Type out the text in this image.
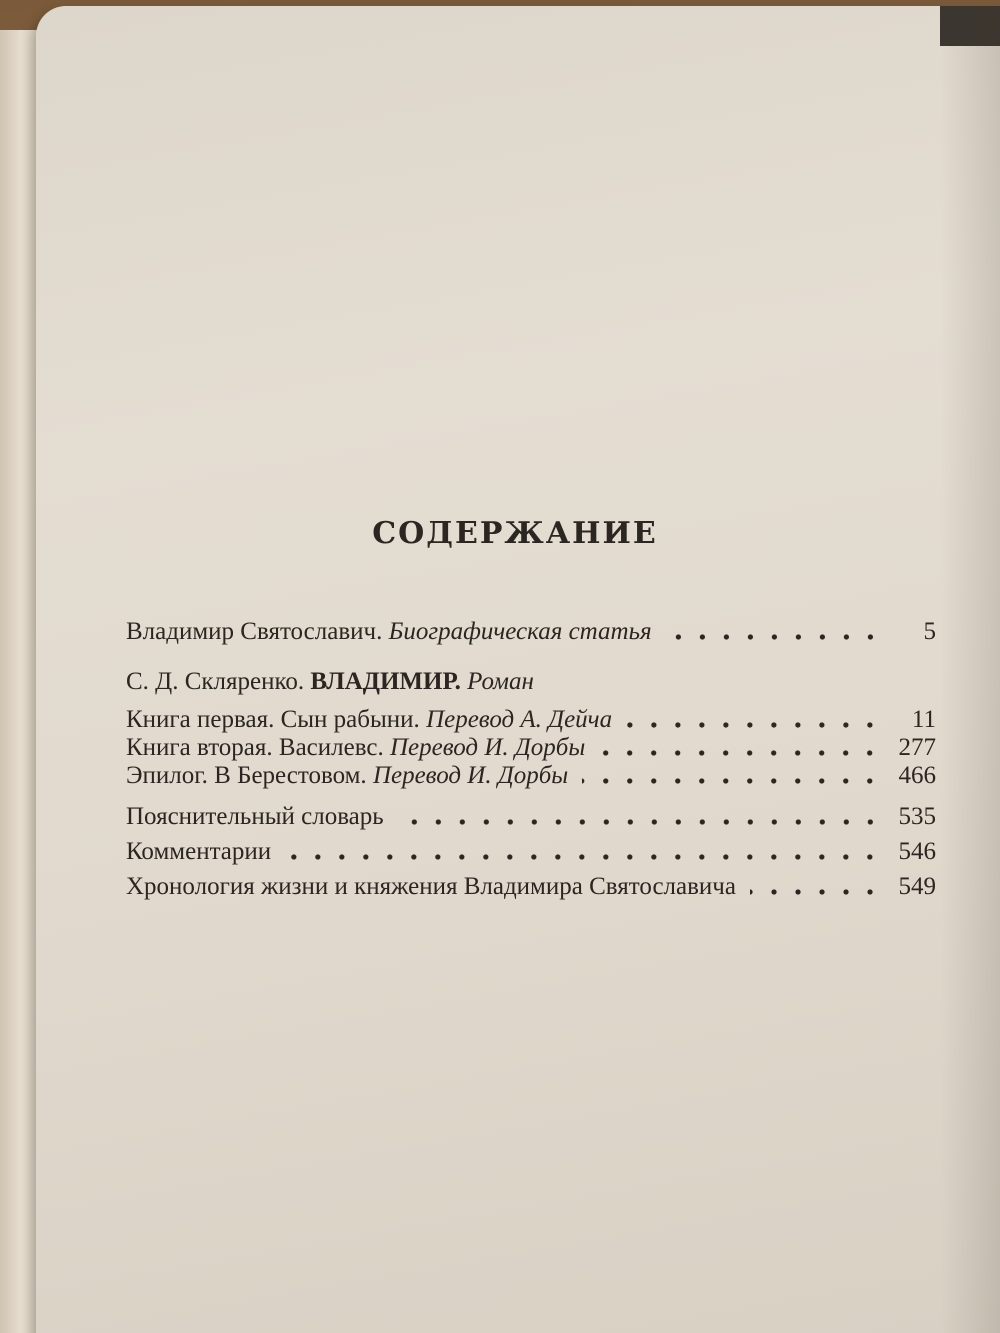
СОДЕРЖАНИЕ
Владимир Святославич. Биографическая статья	5
С. Д. Скляренко. ВЛАДИМИР. Роман
Книга первая. Сын рабыни. Перевод А. Дейча	11
Книга вторая. Василевс. Перевод И. Дорбы	277
Эпилог. В Берестовом. Перевод И. Дорбы	466
Пояснительный словарь	535
Комментарии	546
Хронология жизни и княжения Владимира Святославича	549
